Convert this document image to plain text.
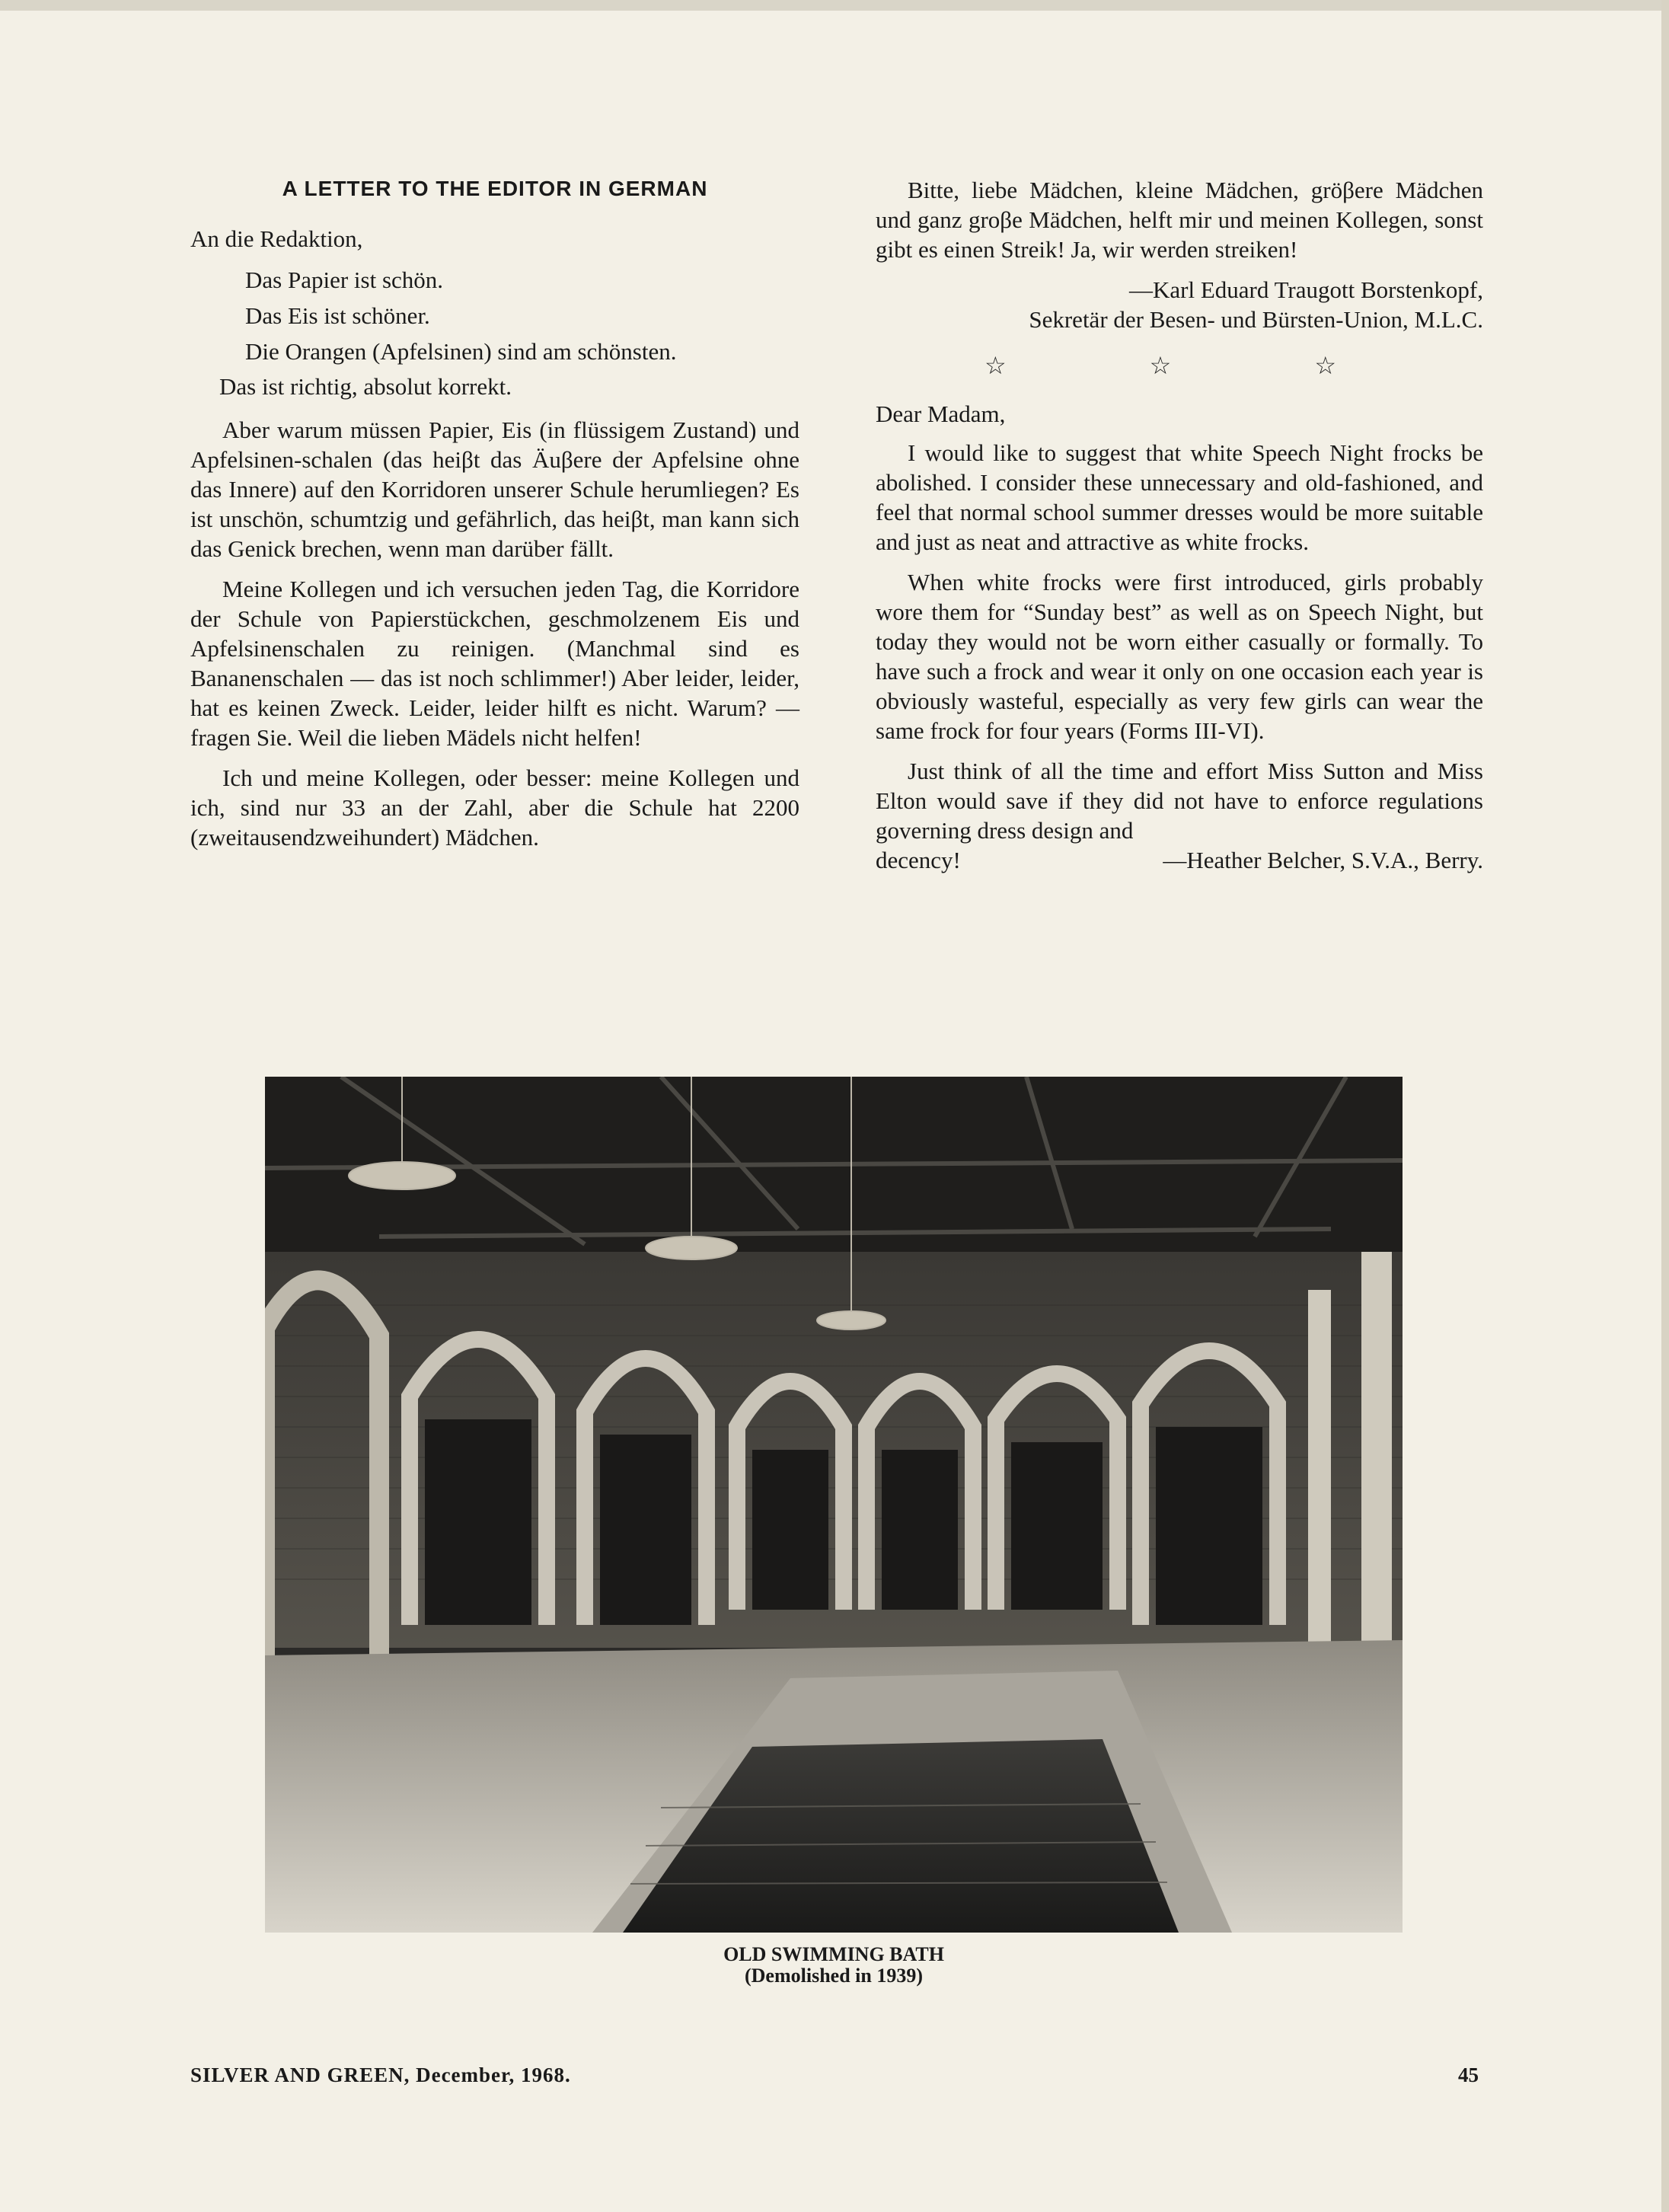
A LETTER TO THE EDITOR IN GERMAN

An die Redaktion,

Das Papier ist schön.
Das Eis ist schöner.
Die Orangen (Apfelsinen) sind am schönsten.
Das ist richtig, absolut korrekt.

Aber warum müssen Papier, Eis (in flüssigem Zustand) und Apfelsinen-schalen (das heiβt das Äuβere der Apfelsine ohne das Innere) auf den Korridoren unserer Schule herumliegen? Es ist unschön, schumtzig und gefährlich, das heiβt, man kann sich das Genick brechen, wenn man darüber fällt.

Meine Kollegen und ich versuchen jeden Tag, die Korridore der Schule von Papierstückchen, geschmolzenem Eis und Apfelsinenschalen zu reinigen. (Manchmal sind es Bananenschalen — das ist noch schlimmer!) Aber leider, leider, hat es keinen Zweck. Leider, leider hilft es nicht. Warum? — fragen Sie. Weil die lieben Mädels nicht helfen!

Ich und meine Kollegen, oder besser: meine Kollegen und ich, sind nur 33 an der Zahl, aber die Schule hat 2200 (zweitausendzweihundert) Mädchen.

Bitte, liebe Mädchen, kleine Mädchen, gröβere Mädchen und ganz groβe Mädchen, helft mir und meinen Kollegen, sonst gibt es einen Streik! Ja, wir werden streiken!

—Karl Eduard Traugott Borstenkopf,

Sekretär der Besen- und Bürsten-Union, M.L.C.

☆ ☆ ☆

Dear Madam,

I would like to suggest that white Speech Night frocks be abolished. I consider these unnecessary and old-fashioned, and feel that normal school summer dresses would be more suitable and just as neat and attractive as white frocks.

When white frocks were first introduced, girls probably wore them for “Sunday best” as well as on Speech Night, but today they would not be worn either casually or formally. To have such a frock and wear it only on one occasion each year is obviously wasteful, especially as very few girls can wear the same frock for four years (Forms III-VI).

Just think of all the time and effort Miss Sutton and Miss Elton would save if they did not have to enforce regulations governing dress design and

decency!	—Heather Belcher, S.V.A., Berry.
OLD SWIMMING BATH
(Demolished in 1939)
SILVER AND GREEN, December, 1968.	45
